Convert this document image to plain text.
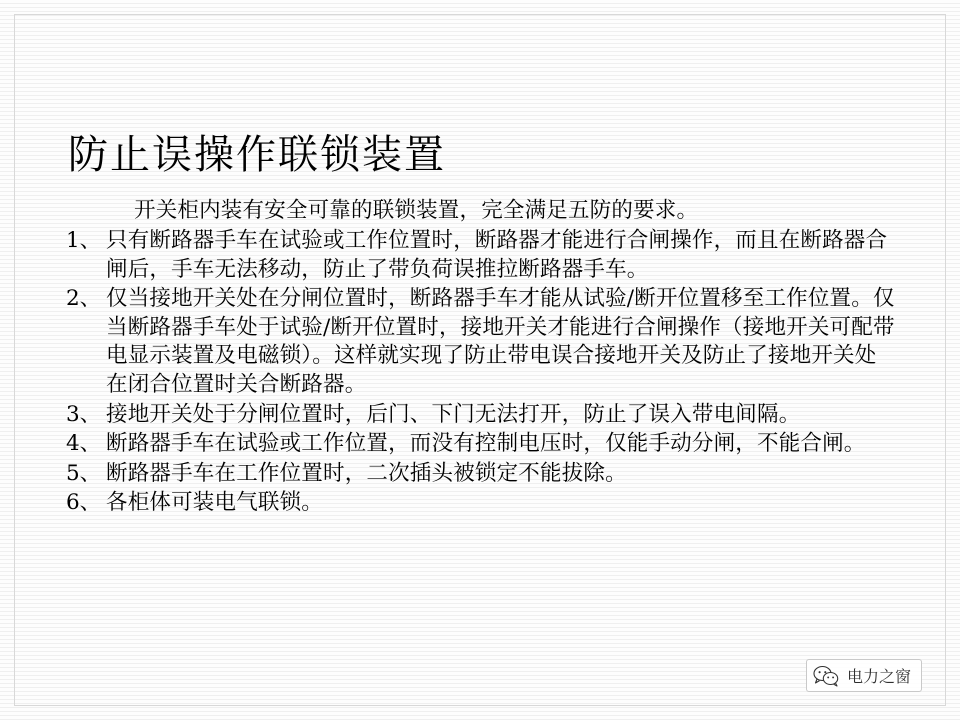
防止误操作联锁装置

开关柜内装有安全可靠的联锁装置，完全满足五防的要求。

1、 只有断路器手车在试验或工作位置时，断路器才能进行合闸操作，而且在断路器合闸后，手车无法移动，防止了带负荷误推拉断路器手车。
2、 仅当接地开关处在分闸位置时，断路器手车才能从试验/断开位置移至工作位置。仅当断路器手车处于试验/断开位置时，接地开关才能进行合闸操作（接地开关可配带电显示装置及电磁锁）。这样就实现了防止带电误合接地开关及防止了接地开关处在闭合位置时关合断路器。
3、 接地开关处于分闸位置时，后门、下门无法打开，防止了误入带电间隔。
4、 断路器手车在试验或工作位置，而没有控制电压时，仅能手动分闸，不能合闸。
5、 断路器手车在工作位置时，二次插头被锁定不能拔除。
6、 各柜体可装电气联锁。
电力之窗
